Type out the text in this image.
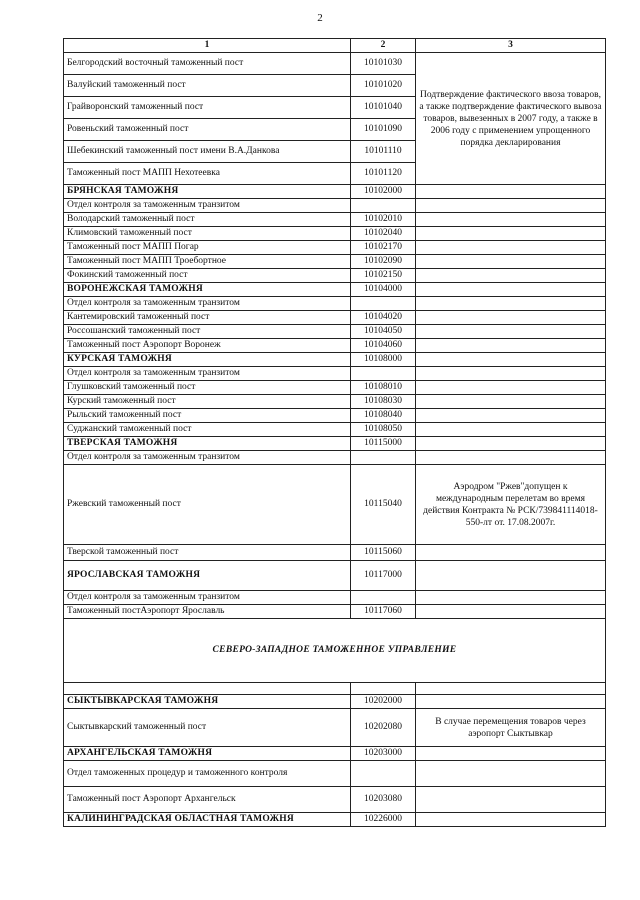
2
1	2	3
Белгородский восточный таможенный пост	10101030	Подтверждение фактического ввоза товаров, а также подтверждение фактического вывоза товаров, вывезенных в 2007 году, а также в 2006 году с применением упрощенного порядка декларирования

Валуйский таможенный пост	10101020	
Грайворонский таможенный пост	10101040	
Ровеньский таможенный пост	10101090	
Шебекинский таможенный пост имени В.А.Данкова	10101110	
Таможенный пост МАПП Нехотеевка	10101120	
БРЯНСКАЯ ТАМОЖНЯ	10102000	
Отдел контроля за таможенным транзитом		
Володарский таможенный пост	10102010	
Климовский таможенный пост	10102040	
Таможенный пост МАПП Погар	10102170	
Таможенный пост МАПП Троебортное	10102090	
Фокинский таможенный пост	10102150	
ВОРОНЕЖСКАЯ ТАМОЖНЯ	10104000	
Отдел контроля за таможенным транзитом		
Кантемировский таможенный пост	10104020	
Россошанский таможенный пост	10104050	
Таможенный пост Аэропорт Воронеж	10104060	
КУРСКАЯ ТАМОЖНЯ	10108000	
Отдел контроля за таможенным транзитом		
Глушковский таможенный пост	10108010	
Курский таможенный пост	10108030	
Рыльский таможенный пост	10108040	
Суджанский таможенный пост	10108050	
ТВЕРСКАЯ ТАМОЖНЯ	10115000	
Отдел контроля за таможенным транзитом		
Ржевский таможенный пост	10115040	Аэродром "Ржев"допущен к международным перелетам во время действия Контракта № РСК/739841114018-550-лт от. 17.08.2007г.

Тверской таможенный пост	10115060	
ЯРОСЛАВСКАЯ ТАМОЖНЯ	10117000	
Отдел контроля за таможенным транзитом		
Таможенный постАэропорт Ярославль	10117060	
СЕВЕРО-ЗАПАДНОЕ ТАМОЖЕННОЕ УПРАВЛЕНИЕ		

СЫКТЫВКАРСКАЯ ТАМОЖНЯ	10202000	
Сыктывкарский таможенный пост	10202080	В случае перемещения товаров через аэропорт Сыктывкар

АРХАНГЕЛЬСКАЯ ТАМОЖНЯ	10203000	
Отдел таможенных процедур и таможенного контроля		
Таможенный пост Аэропорт Архангельск	10203080	
КАЛИНИНГРАДСКАЯ ОБЛАСТНАЯ ТАМОЖНЯ	10226000	
